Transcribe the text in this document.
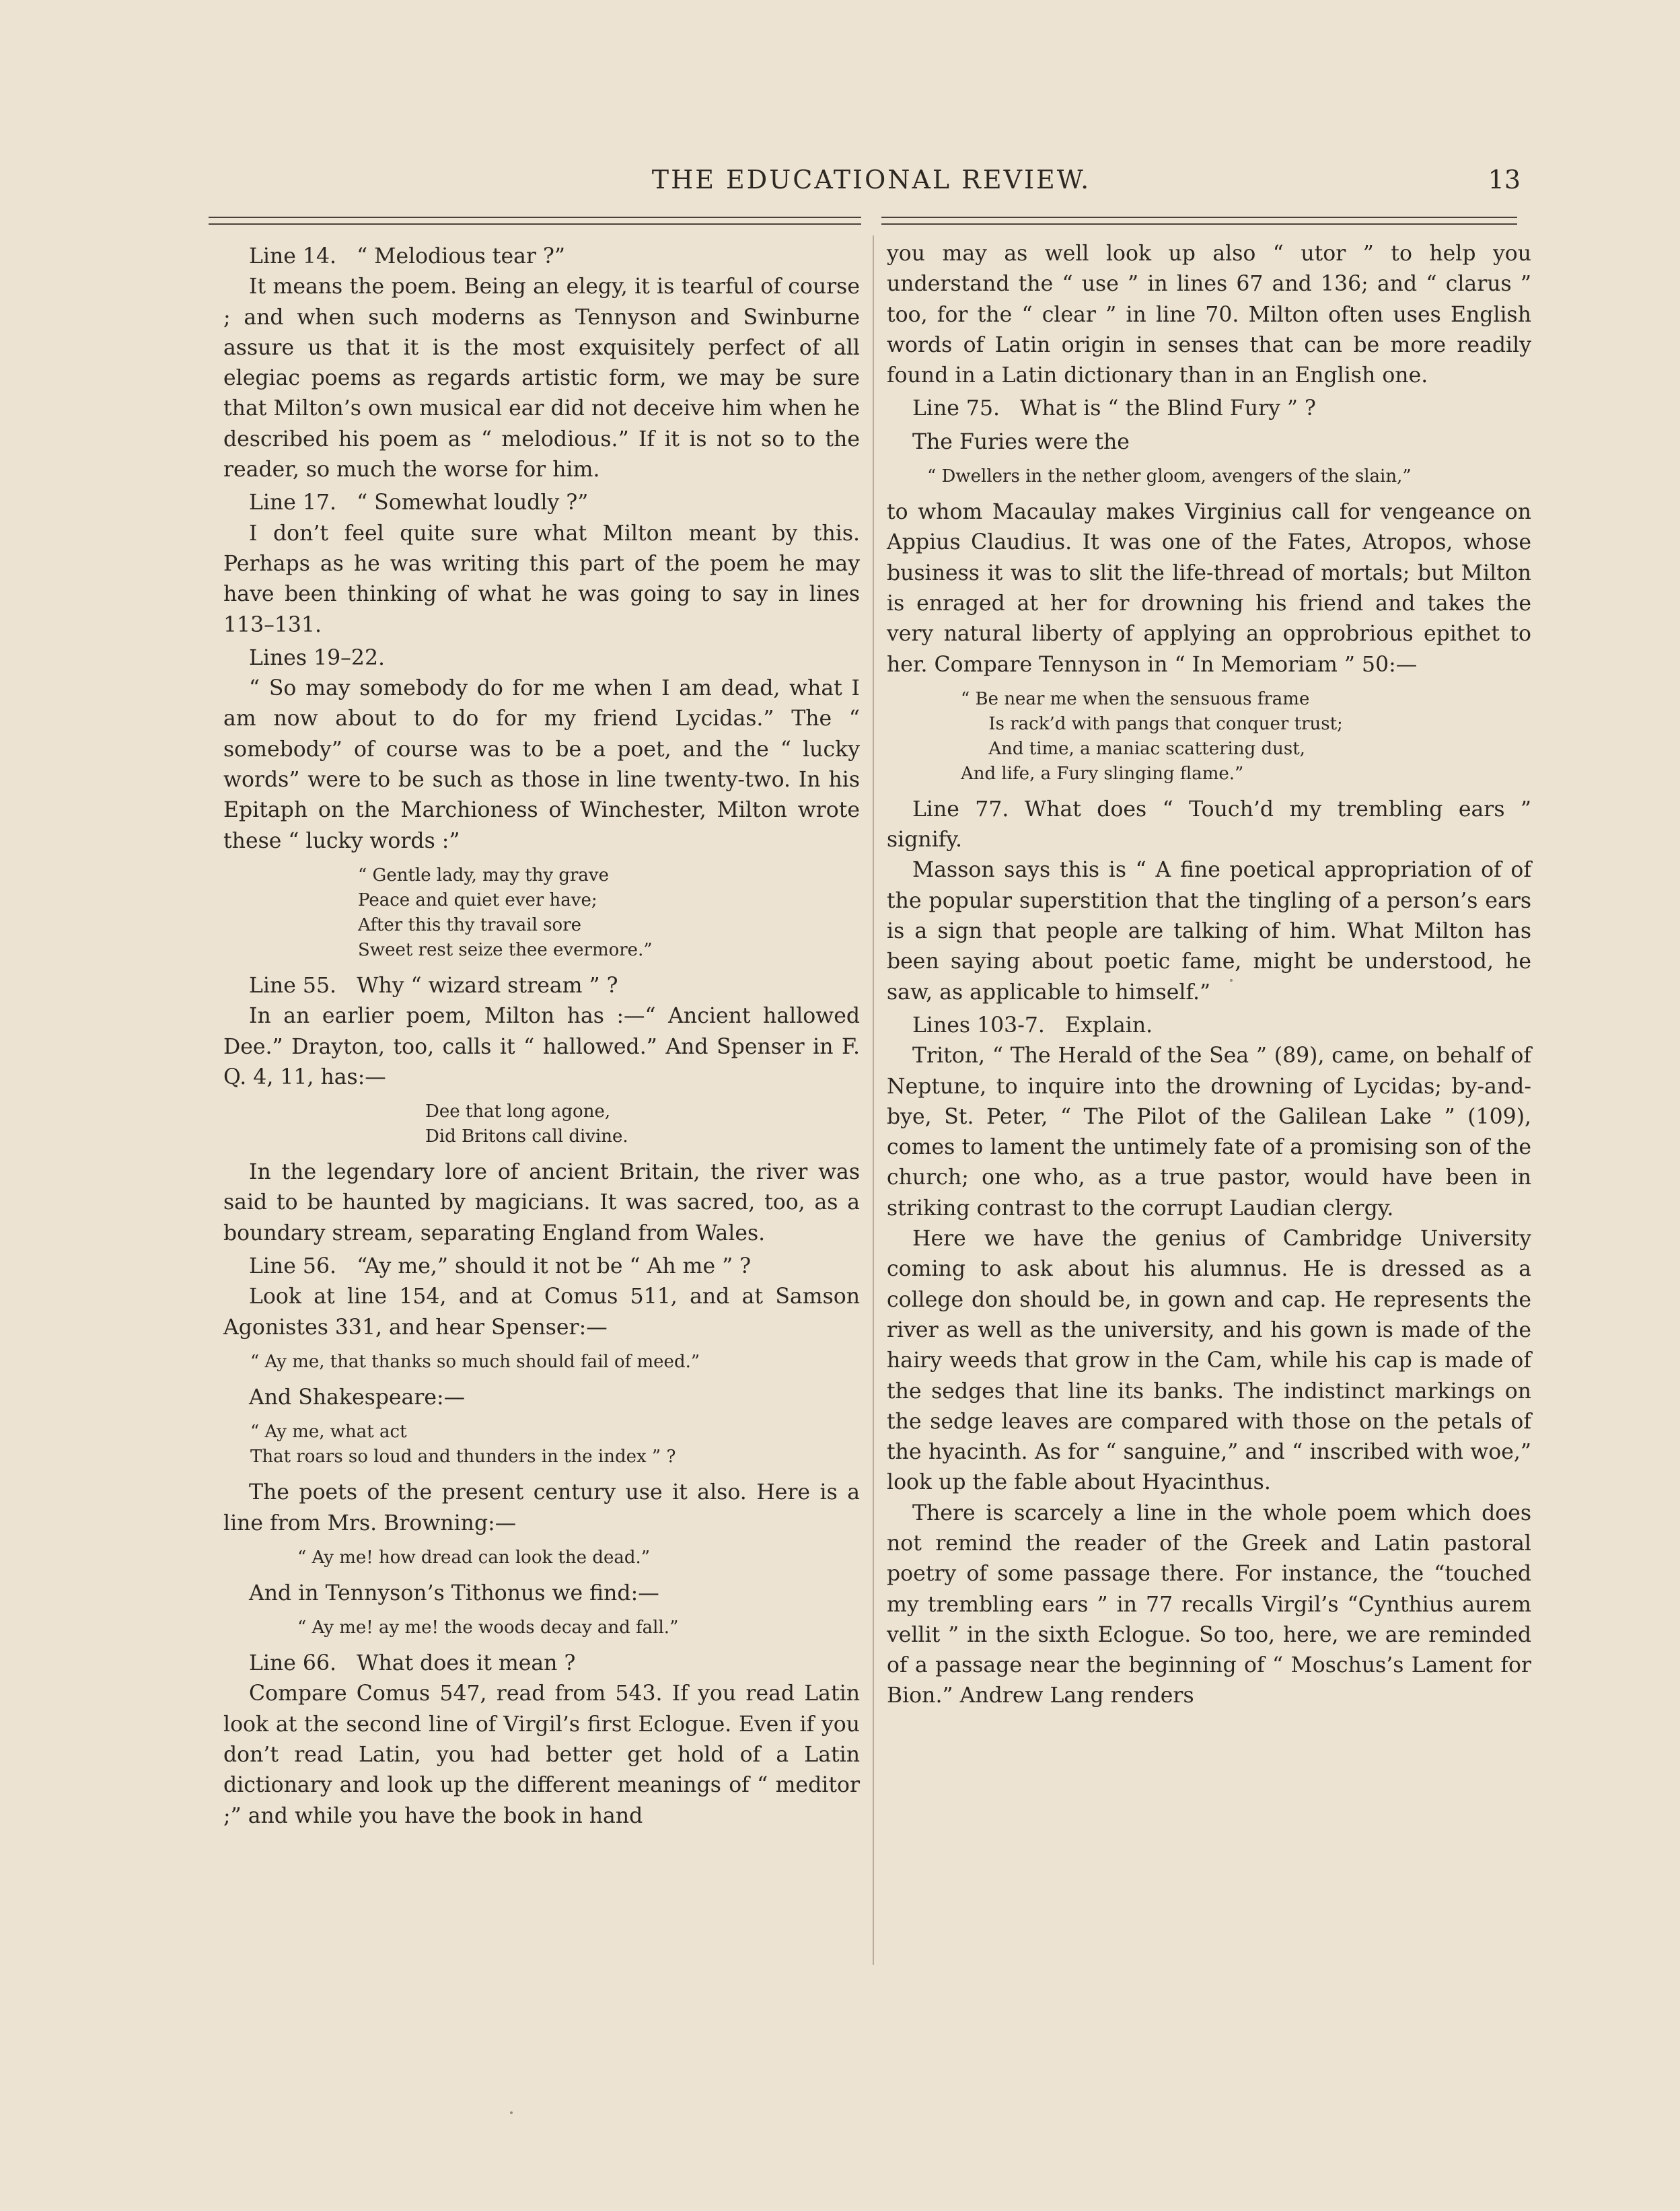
THE EDUCATIONAL REVIEW.	13

Line 14.   “ Melodious tear ?”

It means the poem. Being an elegy, it is tearful of course ; and when such moderns as Tennyson and Swinburne assure us that it is the most exquisitely perfect of all elegiac poems as regards artistic form, we may be sure that Milton’s own musical ear did not deceive him when he described his poem as “ melodious.” If it is not so to the reader, so much the worse for him.

Line 17.   “ Somewhat loudly ?”

I don’t feel quite sure what Milton meant by this. Perhaps as he was writing this part of the poem he may have been thinking of what he was going to say in lines 113–131.

Lines 19–22.

“ So may somebody do for me when I am dead, what I am now about to do for my friend Lycidas.” The “ somebody” of course was to be a poet, and the “ lucky words” were to be such as those in line twenty-two. In his Epitaph on the Marchioness of Winchester, Milton wrote these “ lucky words :”

“ Gentle lady, may thy grave
Peace and quiet ever have;
After this thy travail sore
Sweet rest seize thee evermore.”

Line 55.   Why “ wizard stream ” ?

In an earlier poem, Milton has :—“ Ancient hallowed Dee.” Drayton, too, calls it “ hallowed.” And Spenser in F. Q. 4, 11, has:—

Dee that long agone,
Did Britons call divine.

In the legendary lore of ancient Britain, the river was said to be haunted by magicians. It was sacred, too, as a boundary stream, separating England from Wales.

Line 56.   “Ay me,” should it not be “ Ah me ” ?

Look at line 154, and at Comus 511, and at Samson Agonistes 331, and hear Spenser:—

“ Ay me, that thanks so much should fail of meed.”

And Shakespeare:—

“ Ay me, what act
That roars so loud and thunders in the index ” ?

The poets of the present century use it also. Here is a line from Mrs. Browning:—

“ Ay me! how dread can look the dead.”

And in Tennyson’s Tithonus we find:—

“ Ay me! ay me! the woods decay and fall.”

Line 66.   What does it mean ?

Compare Comus 547, read from 543. If you read Latin look at the second line of Virgil’s first Eclogue. Even if you don’t read Latin, you had better get hold of a Latin dictionary and look up the different meanings of “ meditor ;” and while you have the book in hand

you may as well look up also “ utor ” to help you understand the “ use ” in lines 67 and 136; and “ clarus ” too, for the “ clear ” in line 70. Milton often uses English words of Latin origin in senses that can be more readily found in a Latin dictionary than in an English one.

Line 75.   What is “ the Blind Fury ” ?

The Furies were the

“ Dwellers in the nether gloom, avengers of the slain,”

to whom Macaulay makes Virginius call for vengeance on Appius Claudius. It was one of the Fates, Atropos, whose business it was to slit the life-thread of mortals; but Milton is enraged at her for drowning his friend and takes the very natural liberty of applying an opprobrious epithet to her. Compare Tennyson in “ In Memoriam ” 50:—

“ Be near me when the sensuous frame
Is rack’d with pangs that conquer trust;
And time, a maniac scattering dust,
And life, a Fury slinging flame.”

Line 77. What does “ Touch’d my trembling ears ” signify.

Masson says this is “ A fine poetical appropriation of of the popular superstition that the tingling of a person’s ears is a sign that people are talking of him. What Milton has been saying about poetic fame, might be understood, he saw, as applicable to himself.”

Lines 103-7.   Explain.

Triton, “ The Herald of the Sea ” (89), came, on behalf of Neptune, to inquire into the drowning of Lycidas; by-and-bye, St. Peter, “ The Pilot of the Galilean Lake ” (109), comes to lament the untimely fate of a promising son of the church; one who, as a true pastor, would have been in striking contrast to the corrupt Laudian clergy.

Here we have the genius of Cambridge University coming to ask about his alumnus. He is dressed as a college don should be, in gown and cap. He represents the river as well as the university, and his gown is made of the hairy weeds that grow in the Cam, while his cap is made of the sedges that line its banks. The indistinct markings on the sedge leaves are compared with those on the petals of the hyacinth. As for “ sanguine,” and “ inscribed with woe,” look up the fable about Hyacinthus.

There is scarcely a line in the whole poem which does not remind the reader of the Greek and Latin pastoral poetry of some passage there. For instance, the “touched my trembling ears ” in 77 recalls Virgil’s “Cynthius aurem vellit ” in the sixth Eclogue. So too, here, we are reminded of a passage near the beginning of “ Moschus’s Lament for Bion.” Andrew Lang renders
